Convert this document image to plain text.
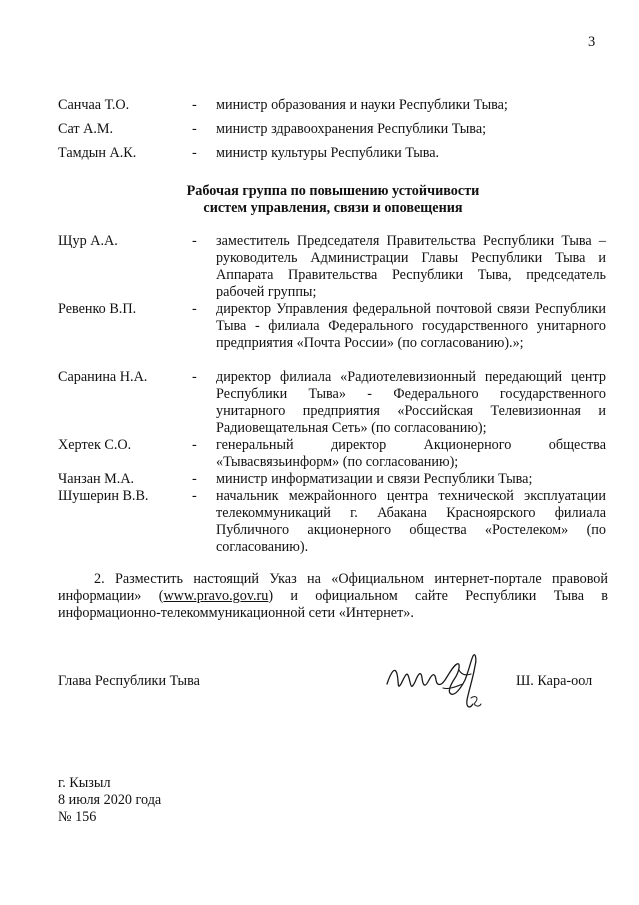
3
Санчаа Т.О.	-	министр образования и науки Республики Тыва;
Сат А.М.	-	министр здравоохранения Республики Тыва;
Тамдын А.К.	-	министр культуры Республики Тыва.
Рабочая группа по повышению устойчивости
систем управления, связи и оповещения
Щур А.А.	-	заместитель Председателя Правительства Республики Тыва – руководитель Администрации Главы Республики Тыва и Аппарата Правительства Республики Тыва, председатель рабочей группы;
Ревенко В.П.	-	директор Управления федеральной почтовой связи Республики Тыва - филиала Федерального государственного унитарного предприятия «Почта России» (по согласованию).»;
Саранина Н.А.	-	директор филиала «Радиотелевизионный передающий центр Республики Тыва» - Федерального государственного унитарного предприятия «Российская Телевизионная и Радиовещательная Сеть» (по согласованию);
Хертек С.О.	-	генеральный директор Акционерного общества «Тывасвязьинформ» (по согласованию);
Чанзан М.А.	-	министр информатизации и связи Республики Тыва;
Шушерин В.В.	-	начальник межрайонного центра технической эксплуатации телекоммуникаций г. Абакана Красноярского филиала Публичного акционерного общества «Ростелеком» (по согласованию).
2. Разместить настоящий Указ на «Официальном интернет-портале правовой информации» (www.pravo.gov.ru) и официальном сайте Республики Тыва в информационно-телекоммуникационной сети «Интернет».
Глава Республики Тыва	Ш. Кара-оол
г. Кызыл
8 июля 2020 года
№ 156
